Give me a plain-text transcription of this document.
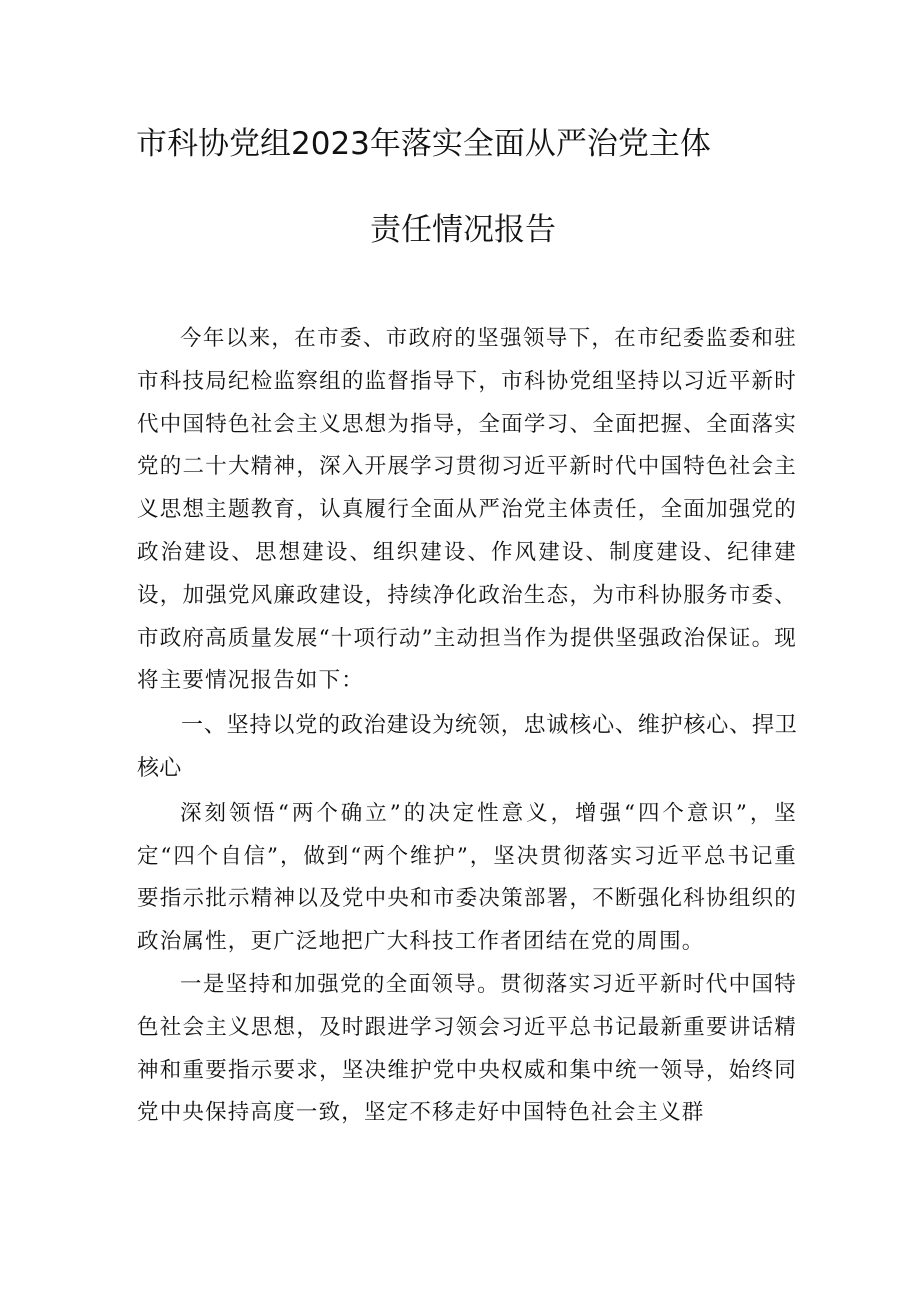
市科协党组2023年落实全面从严治党主体
责任情况报告

今年以来，在市委、市政府的坚强领导下，在市纪委监委和驻市科技局纪检监察组的监督指导下，市科协党组坚持以习近平新时代中国特色社会主义思想为指导，全面学习、全面把握、全面落实党的二十大精神，深入开展学习贯彻习近平新时代中国特色社会主义思想主题教育，认真履行全面从严治党主体责任，全面加强党的政治建设、思想建设、组织建设、作风建设、制度建设、纪律建设，加强党风廉政建设，持续净化政治生态，为市科协服务市委、市政府高质量发展“十项行动”主动担当作为提供坚强政治保证。现将主要情况报告如下：

一、坚持以党的政治建设为统领，忠诚核心、维护核心、捍卫核心

深刻领悟“两个确立”的决定性意义，增强“四个意识”，坚定“四个自信”，做到“两个维护”，坚决贯彻落实习近平总书记重要指示批示精神以及党中央和市委决策部署，不断强化科协组织的政治属性，更广泛地把广大科技工作者团结在党的周围。

一是坚持和加强党的全面领导。贯彻落实习近平新时代中国特色社会主义思想，及时跟进学习领会习近平总书记最新重要讲话精神和重要指示要求，坚决维护党中央权威和集中统一领导，始终同党中央保持高度一致，坚定不移走好中国特色社会主义群
